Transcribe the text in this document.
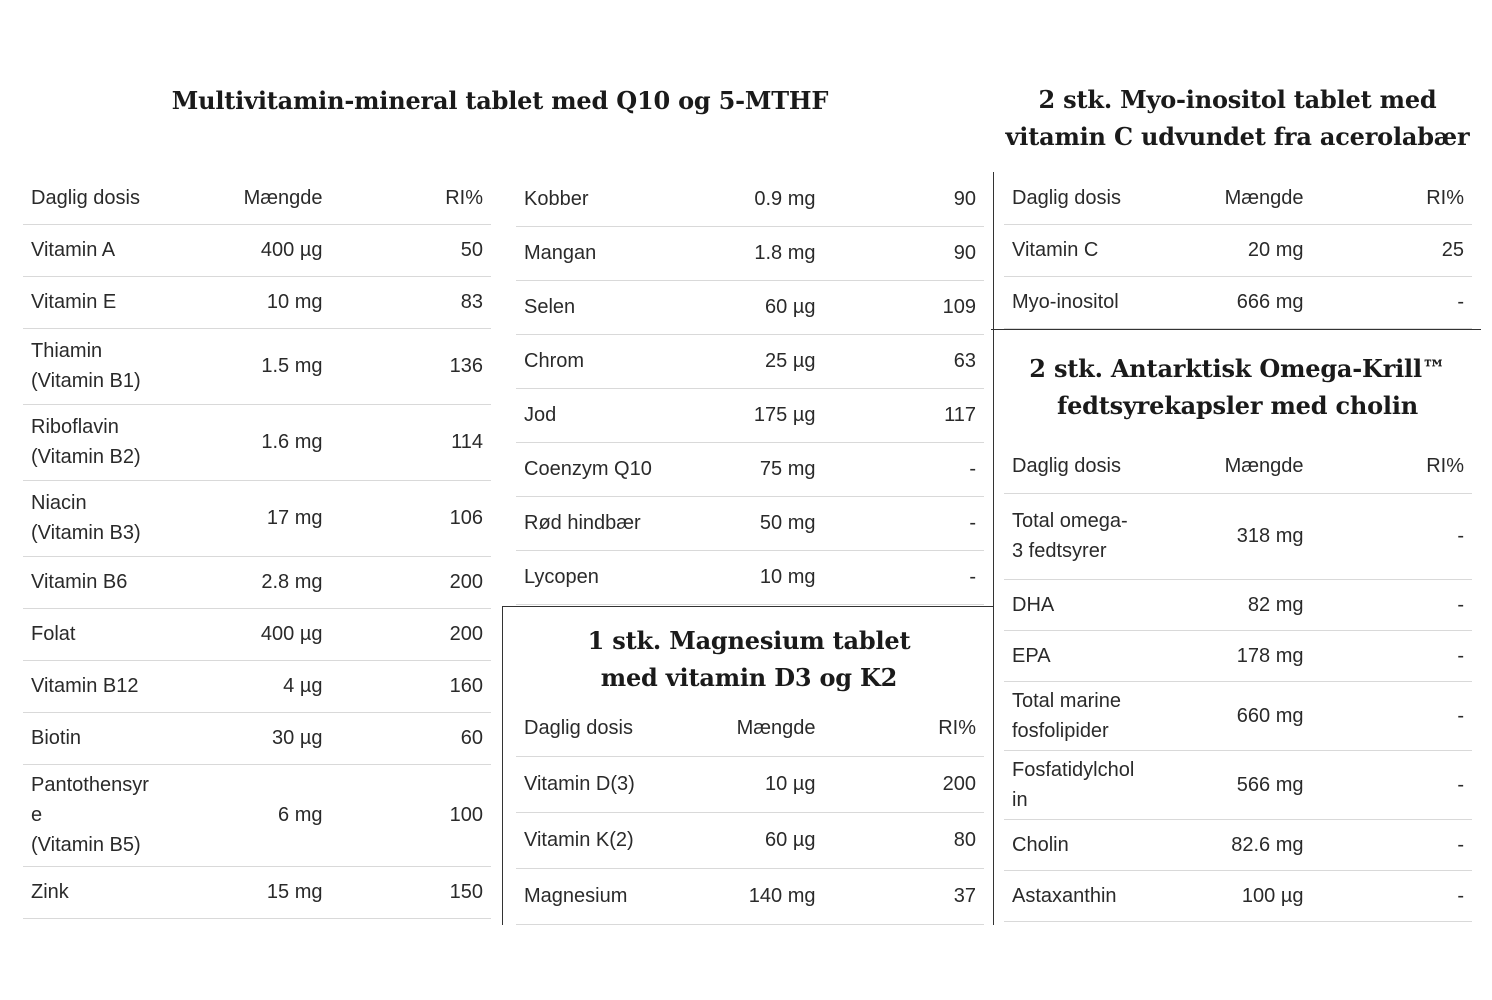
Multivitamin-mineral tablet med Q10 og 5-MTHF	2 stk. Myo-inositol tablet med
vitamin C udvundet fra acerolabær
2 stk. Antarktisk Omega-Krill™
fedtsyrekapsler med cholin
1 stk. Magnesium tablet
med vitamin D3 og K2
Daglig dosis	Mængde	RI%
Vitamin A	400 µg	50
Vitamin E	10 mg	83
Thiamin
(Vitamin B1)	1.5 mg	136
Riboflavin
(Vitamin B2)	1.6 mg	114
Niacin
(Vitamin B3)	17 mg	106
Vitamin B6	2.8 mg	200
Folat	400 µg	200
Vitamin B12	4 µg	160
Biotin	30 µg	60
Pantothensyr
e
(Vitamin B5)	6 mg	100
Zink	15 mg	150
Kobber	0.9 mg	90
Mangan	1.8 mg	90
Selen	60 µg	109
Chrom	25 µg	63
Jod	175 µg	117
Coenzym Q10	75 mg	-
Rød hindbær	50 mg	-
Lycopen	10 mg	-
Daglig dosis	Mængde	RI%
Vitamin D(3)	10 µg	200
Vitamin K(2)	60 µg	80
Magnesium	140 mg	37
Daglig dosis	Mængde	RI%
Vitamin C	20 mg	25
Myo-inositol	666 mg	-
Daglig dosis	Mængde	RI%
Total omega-
3 fedtsyrer	318 mg	-
DHA	82 mg	-
EPA	178 mg	-
Total marine
fosfolipider	660 mg	-
Fosfatidylchol
in	566 mg	-
Cholin	82.6 mg	-
Astaxanthin	100 µg	-
